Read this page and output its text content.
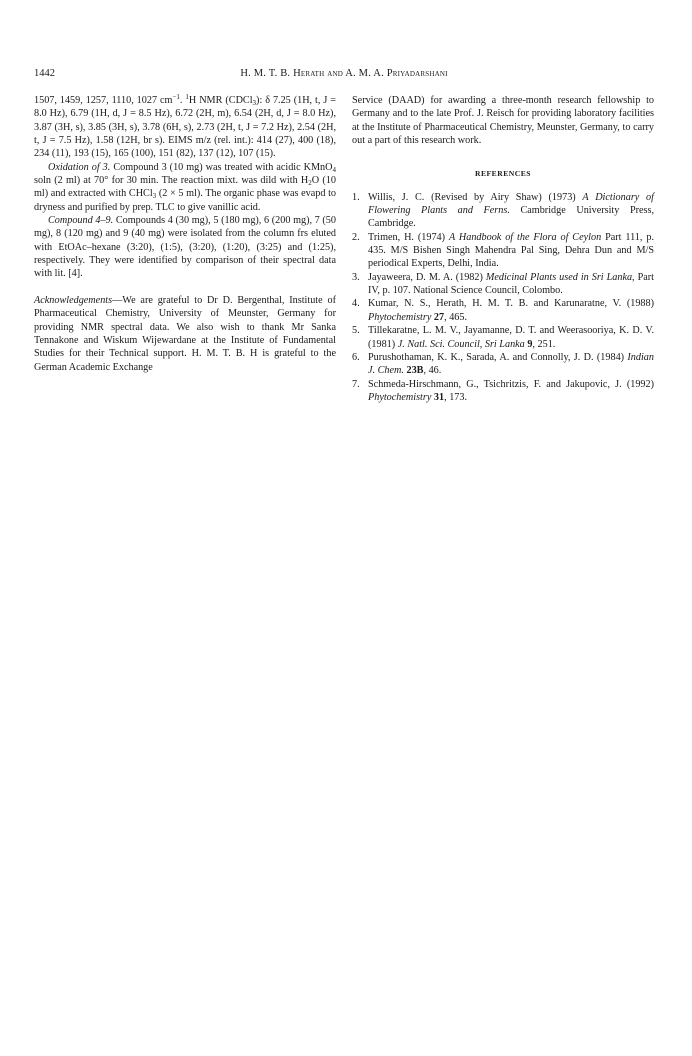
1442	H. M. T. B. Herath and A. M. A. Priyadarshani

1507, 1459, 1257, 1110, 1027 $cm^{-1}$. $^1$H NMR (CDCl$_3$): δ 7.25 (1H, t, J = 8.0 Hz), 6.79 (1H, d, J = 8.5 Hz), 6.72 (2H, m), 6.54 (2H, d, J = 8.0 Hz), 3.87 (3H, s), 3.85 (3H, s), 3.78 (6H, s), 2.73 (2H, t, J = 7.2 Hz), 2.54 (2H, t, J = 7.5 Hz), 1.58 (12H, br s). EIMS m/z (rel. int.): 414 (27), 400 (18), 234 (11), 193 (15), 165 (100), 151 (82), 137 (12), 107 (15).

Oxidation of 3. Compound 3 (10 mg) was treated with acidic KMnO$_4$ soln (2 ml) at 70° for 30 min. The reaction mixt. was dild with $H_2O$ (10 ml) and extracted with CHCl$_3$ (2 × 5 ml). The organic phase was evapd to dryness and purified by prep. TLC to give vanillic acid.

Compound 4–9. Compounds 4 (30 mg), 5 (180 mg), 6 (200 mg), 7 (50 mg), 8 (120 mg) and 9 (40 mg) were isolated from the column frs eluted with EtOAc–hexane (3:20), (1:5), (3:20), (1:20), (3:25) and (1:25), respectively. They were identified by comparison of their spectral data with lit. [4].

Acknowledgements—We are grateful to Dr D. Bergenthal, Institute of Pharmaceutical Chemistry, University of Meunster, Germany for providing NMR spectral data. We also wish to thank Mr Sanka Tennakone and Wiskum Wijewardane at the Institute of Fundamental Studies for their Technical support. H. M. T. B. H is grateful to the German Academic Exchange

Service (DAAD) for awarding a three-month research fellowship to Germany and to the late Prof. J. Reisch for providing laboratory facilities at the Institute of Pharmaceutical Chemistry, Meunster, Germany, to carry out a part of this research work.

REFERENCES
1. Willis, J. C. (Revised by Airy Shaw) (1973) A Dictionary of Flowering Plants and Ferns. Cambridge University Press, Cambridge.
2. Trimen, H. (1974) A Handbook of the Flora of Ceylon Part 111, p. 435. M/S Bishen Singh Mahendra Pal Sing, Dehra Dun and M/S periodical Experts, Delhi, India.
3. Jayaweera, D. M. A. (1982) Medicinal Plants used in Sri Lanka, Part IV, p. 107. National Science Council, Colombo.
4. Kumar, N. S., Herath, H. M. T. B. and Karunaratne, V. (1988) Phytochemistry 27, 465.
5. Tillekaratne, L. M. V., Jayamanne, D. T. and Weerasooriya, K. D. V. (1981) J. Natl. Sci. Council, Sri Lanka 9, 251.
6. Purushothaman, K. K., Sarada, A. and Connolly, J. D. (1984) Indian J. Chem. 23B, 46.
7. Schmeda-Hirschmann, G., Tsichritzis, F. and Jakupovic, J. (1992) Phytochemistry 31, 173.
